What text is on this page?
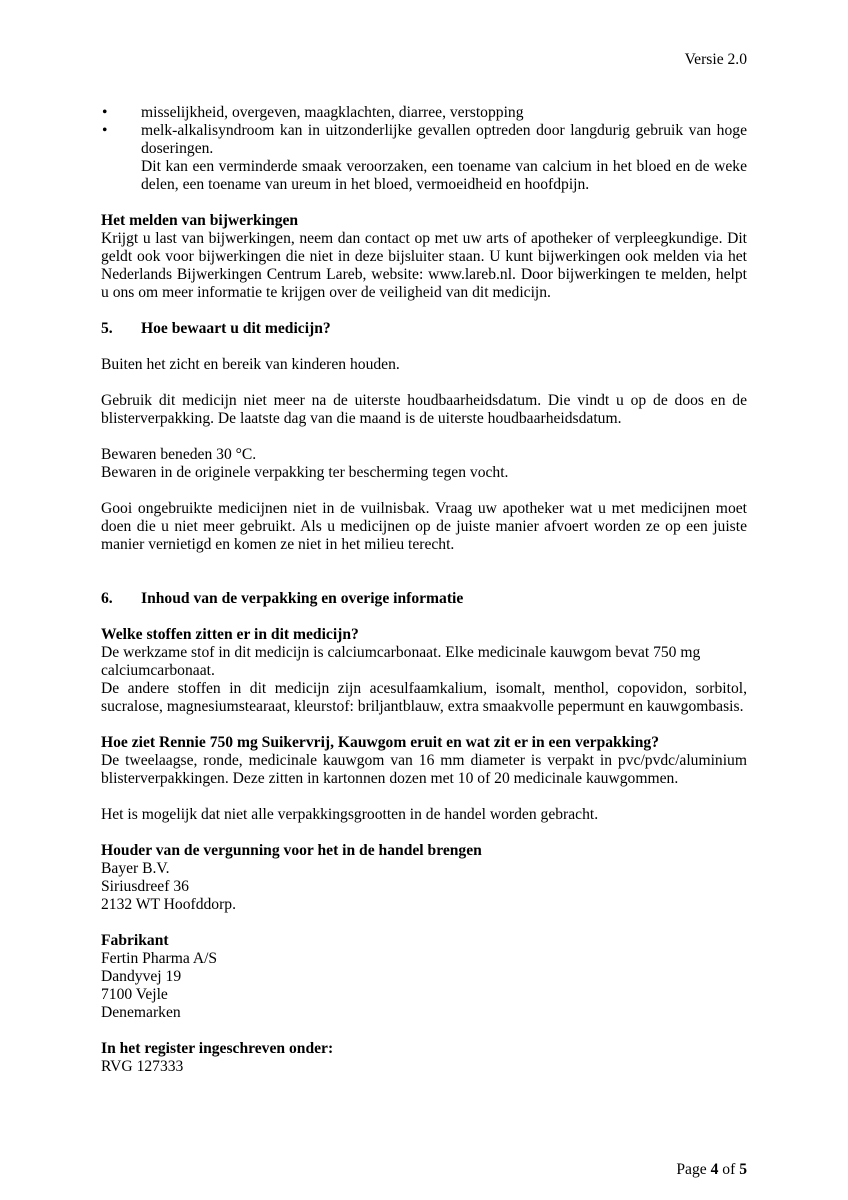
Versie 2.0
• misselijkheid, overgeven, maagklachten, diarree, verstopping
• melk-alkalisyndroom kan in uitzonderlijke gevallen optreden door langdurig gebruik van hoge
doseringen.
Dit kan een verminderde smaak veroorzaken, een toename van calcium in het bloed en de weke
delen, een toename van ureum in het bloed, vermoeidheid en hoofdpijn.
Het melden van bijwerkingen
Krijgt u last van bijwerkingen, neem dan contact op met uw arts of apotheker of verpleegkundige. Dit
geldt ook voor bijwerkingen die niet in deze bijsluiter staan. U kunt bijwerkingen ook melden via het
Nederlands Bijwerkingen Centrum Lareb, website: www.lareb.nl. Door bijwerkingen te melden, helpt
u ons om meer informatie te krijgen over de veiligheid van dit medicijn.
5. Hoe bewaart u dit medicijn?
Buiten het zicht en bereik van kinderen houden.
Gebruik dit medicijn niet meer na de uiterste houdbaarheidsdatum. Die vindt u op de doos en de
blisterverpakking. De laatste dag van die maand is de uiterste houdbaarheidsdatum.
Bewaren beneden 30 °C.
Bewaren in de originele verpakking ter bescherming tegen vocht.
Gooi ongebruikte medicijnen niet in de vuilnisbak. Vraag uw apotheker wat u met medicijnen moet
doen die u niet meer gebruikt. Als u medicijnen op de juiste manier afvoert worden ze op een juiste
manier vernietigd en komen ze niet in het milieu terecht.
6. Inhoud van de verpakking en overige informatie
Welke stoffen zitten er in dit medicijn?
De werkzame stof in dit medicijn is calciumcarbonaat. Elke medicinale kauwgom bevat 750 mg
calciumcarbonaat.
De andere stoffen in dit medicijn zijn acesulfaamkalium, isomalt, menthol, copovidon, sorbitol,
sucralose, magnesiumstearaat, kleurstof: briljantblauw, extra smaakvolle pepermunt en kauwgombasis.
Hoe ziet Rennie 750 mg Suikervrij, Kauwgom eruit en wat zit er in een verpakking?
De tweelaagse, ronde, medicinale kauwgom van 16 mm diameter is verpakt in pvc/pvdc/aluminium
blisterverpakkingen. Deze zitten in kartonnen dozen met 10 of 20 medicinale kauwgommen.
Het is mogelijk dat niet alle verpakkingsgrootten in de handel worden gebracht.
Houder van de vergunning voor het in de handel brengen
Bayer B.V.
Siriusdreef 36
2132 WT Hoofddorp.
Fabrikant
Fertin Pharma A/S
Dandyvej 19
7100 Vejle
Denemarken
In het register ingeschreven onder:
RVG 127333
Page 4 of 5
